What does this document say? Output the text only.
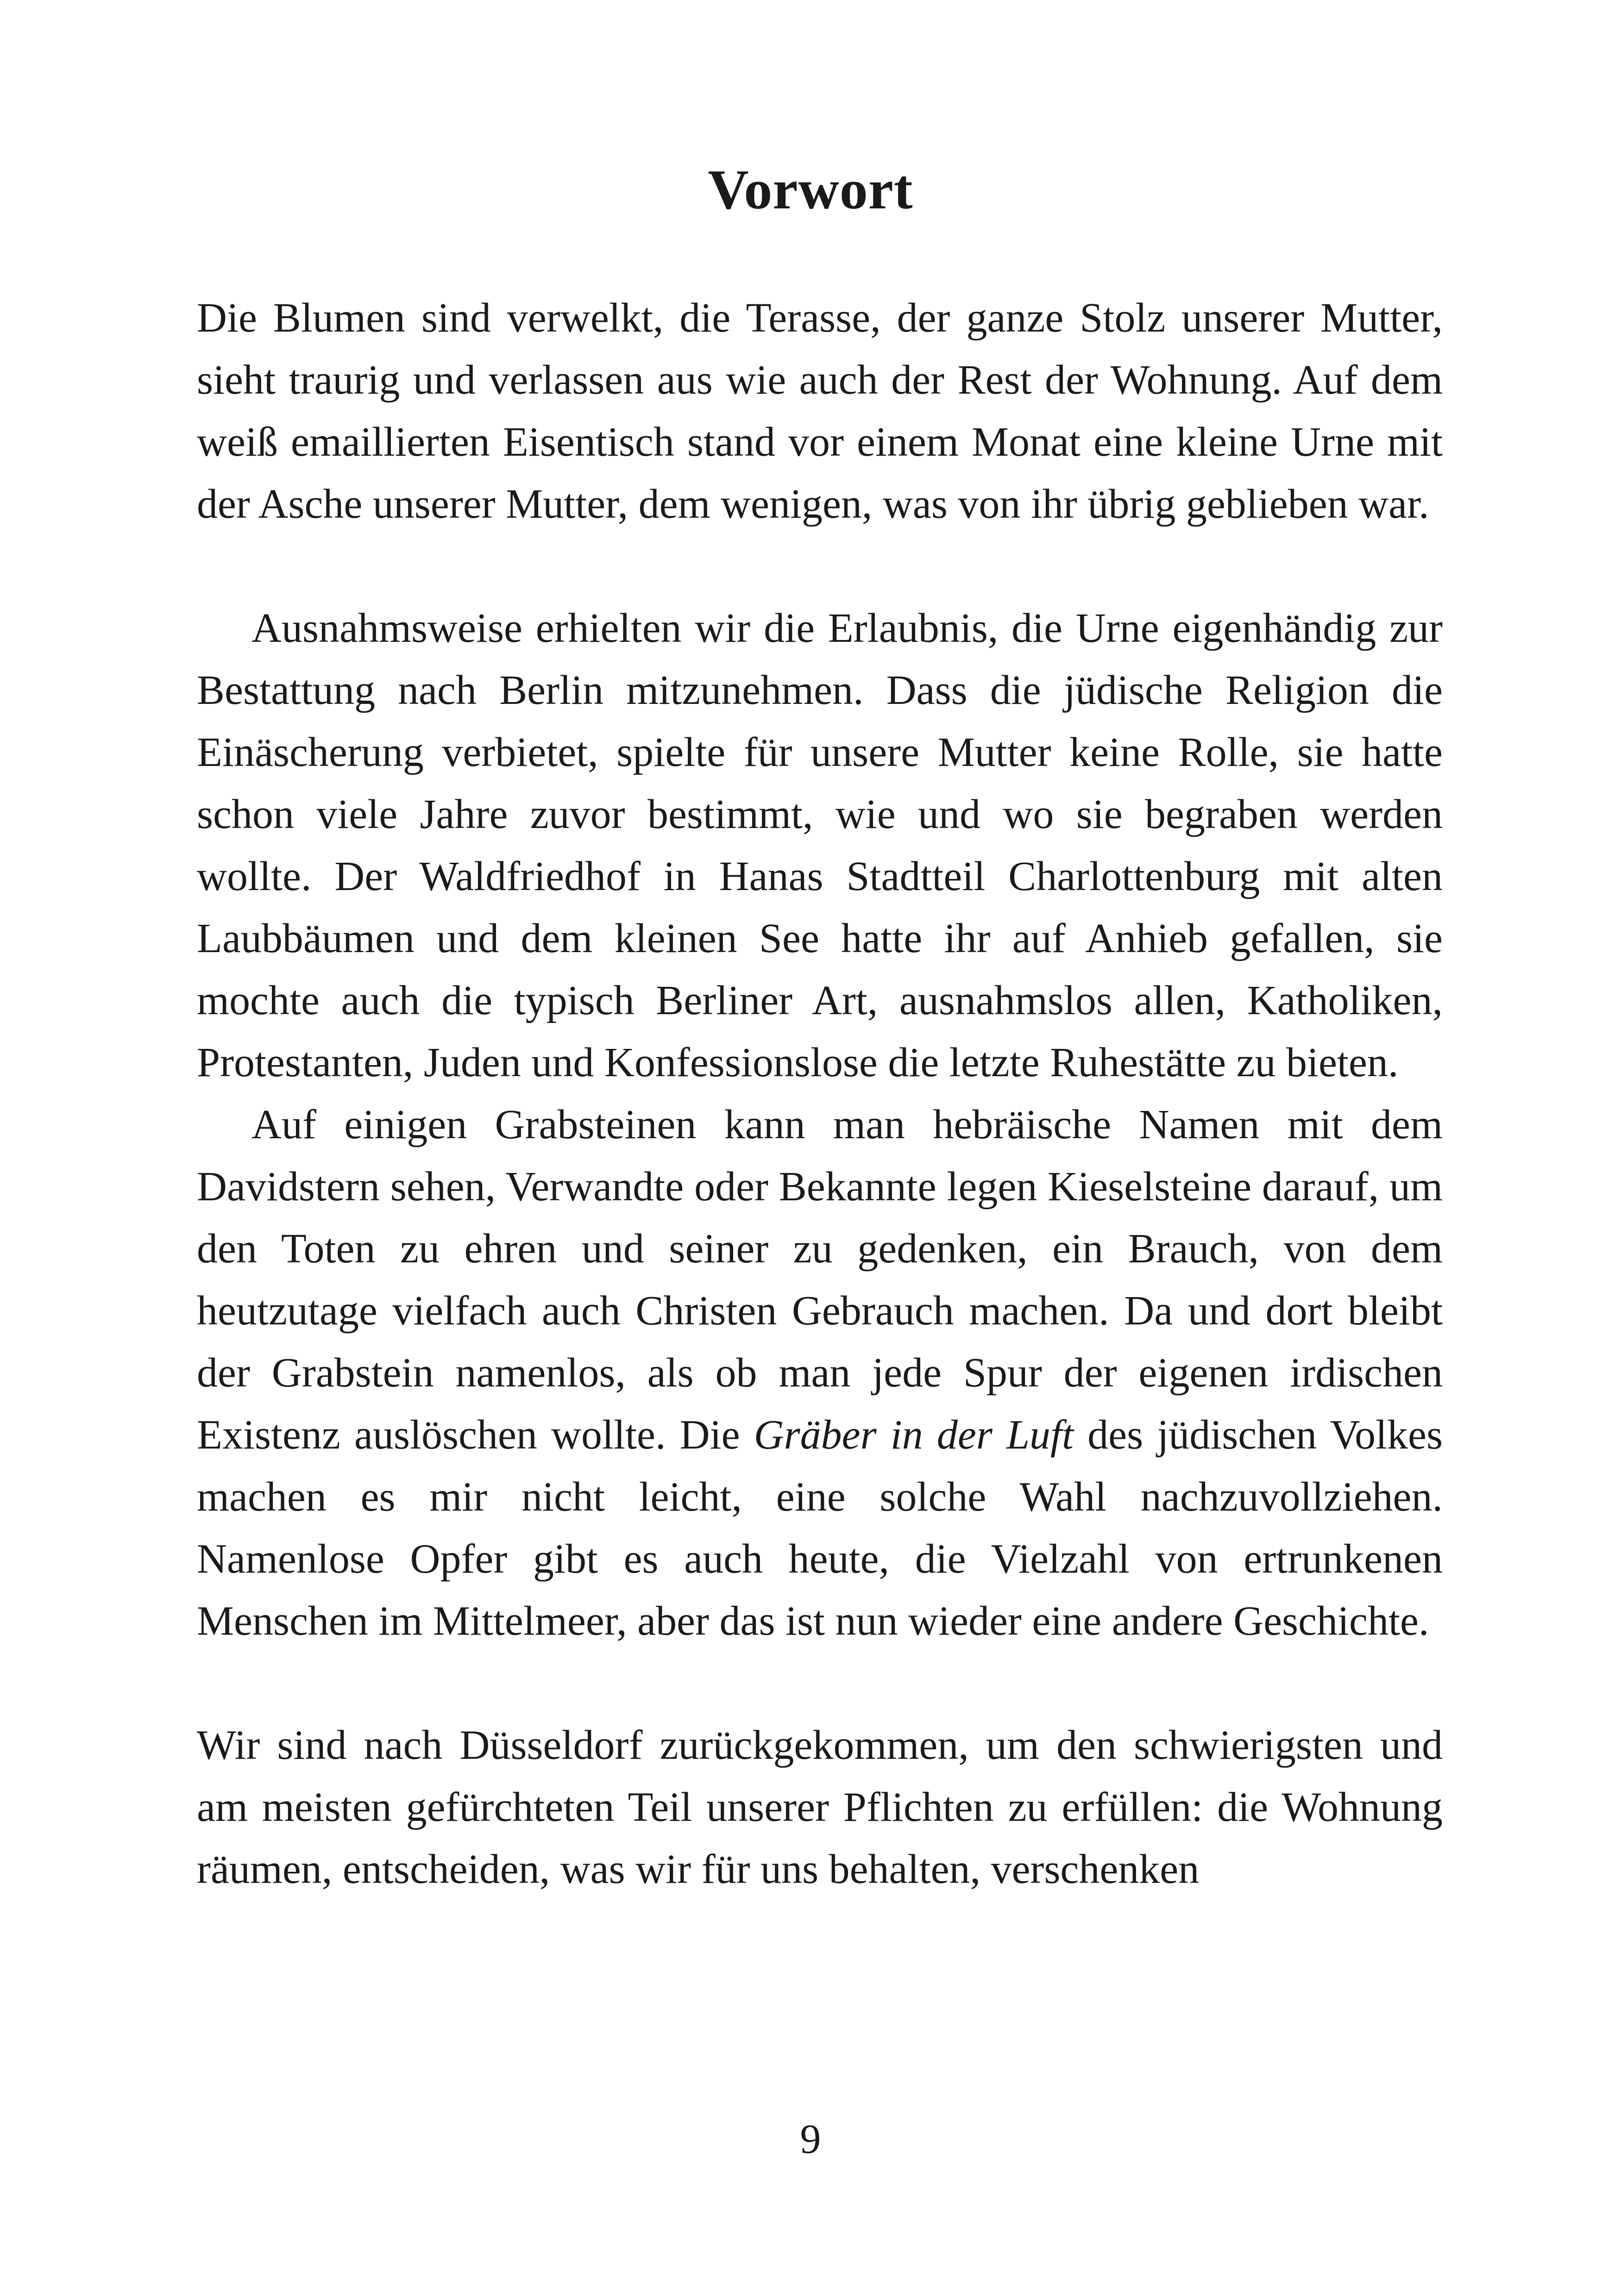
Vorwort

Die Blumen sind verwelkt, die Terasse, der ganze Stolz unserer Mutter, sieht traurig und verlassen aus wie auch der Rest der Wohnung. Auf dem weiß emaillierten Eisentisch stand vor einem Monat eine kleine Urne mit der Asche unserer Mutter, dem wenigen, was von ihr übrig geblieben war.

Ausnahmsweise erhielten wir die Erlaubnis, die Urne eigenhändig zur Bestattung nach Berlin mitzunehmen. Dass die jüdische Religion die Einäscherung verbietet, spielte für unsere Mutter keine Rolle, sie hatte schon viele Jahre zuvor bestimmt, wie und wo sie begraben werden wollte. Der Waldfriedhof in Hanas Stadtteil Charlottenburg mit alten Laubbäumen und dem kleinen See hatte ihr auf Anhieb gefallen, sie mochte auch die typisch Berliner Art, ausnahmslos allen, Katholiken, Protestanten, Juden und Konfessionslose die letzte Ruhestätte zu bieten.

Auf einigen Grabsteinen kann man hebräische Namen mit dem Davidstern sehen, Verwandte oder Bekannte legen Kieselsteine darauf, um den Toten zu ehren und seiner zu gedenken, ein Brauch, von dem heutzutage vielfach auch Christen Gebrauch machen. Da und dort bleibt der Grabstein namenlos, als ob man jede Spur der eigenen irdischen Existenz auslöschen wollte. Die Gräber in der Luft des jüdischen Volkes machen es mir nicht leicht, eine solche Wahl nachzuvollziehen. Namenlose Opfer gibt es auch heute, die Vielzahl von ertrunkenen Menschen im Mittelmeer, aber das ist nun wieder eine andere Geschichte.

Wir sind nach Düsseldorf zurückgekommen, um den schwierigsten und am meisten gefürchteten Teil unserer Pflichten zu erfüllen: die Wohnung räumen, entscheiden, was wir für uns behalten, verschenken

9
